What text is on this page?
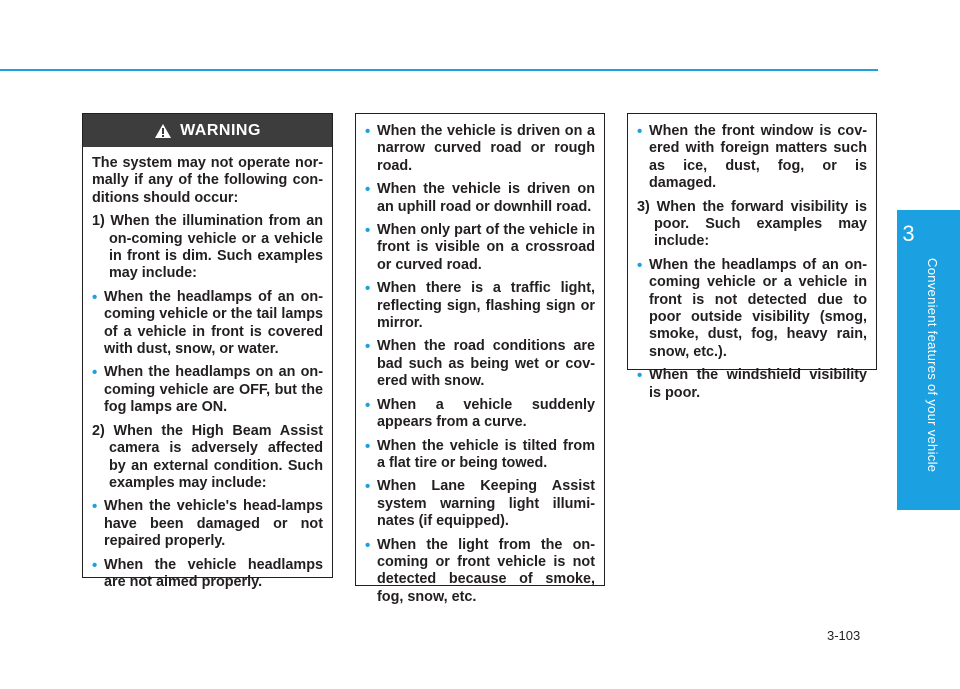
3
Convenient features of your vehicle
WARNING

The system may not operate nor-mally if any of the following con-ditions should occur:

1) When the illumination from an on-coming vehicle or a vehicle in front is dim. Such examples may include:

• When the headlamps of an on-coming vehicle or the tail lamps of a vehicle in front is covered with dust, snow, or water.

• When the headlamps on an on-coming vehicle are OFF, but the fog lamps are ON.

2) When the High Beam Assist camera is adversely affected by an external condition. Such examples may include:

• When the vehicle's head-lamps have been damaged or not repaired properly.

• When the vehicle headlamps are not aimed properly.

• When the vehicle is driven on a narrow curved road or rough road.

• When the vehicle is driven on an uphill road or downhill road.

• When only part of the vehicle in front is visible on a crossroad or curved road.

• When there is a traffic light, reflecting sign, flashing sign or mirror.

• When the road conditions are bad such as being wet or cov-ered with snow.

• When a vehicle suddenly appears from a curve.

• When the vehicle is tilted from a flat tire or being towed.

• When Lane Keeping Assist system warning light illumi-nates (if equipped).

• When the light from the on-coming or front vehicle is not detected because of smoke, fog, snow, etc.

• When the front window is cov-ered with foreign matters such as ice, dust, fog, or is damaged.

3) When the forward visibility is poor. Such examples may include:

• When the headlamps of an on-coming vehicle or a vehicle in front is not detected due to poor outside visibility (smog, smoke, dust, fog, heavy rain, snow, etc.).

• When the windshield visibility is poor.

3-103
